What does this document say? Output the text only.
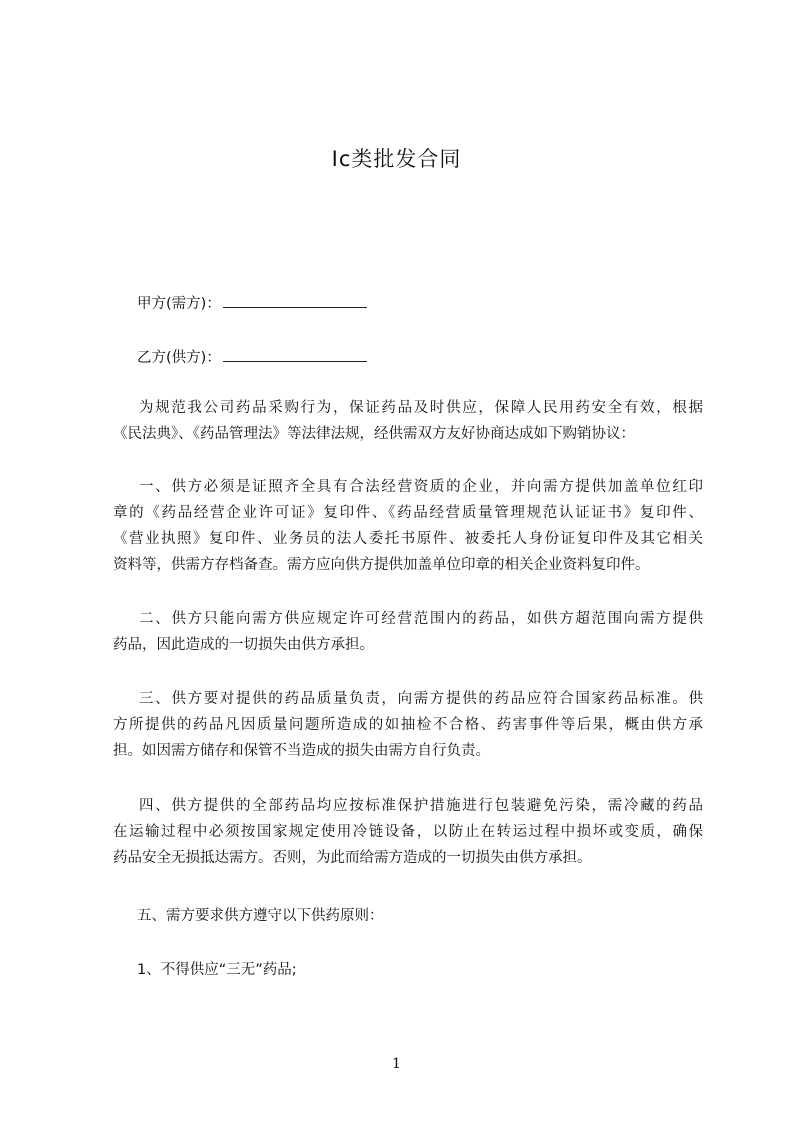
Ic类批发合同
甲方(需方)：
乙方(供方)：
为规范我公司药品采购行为，保证药品及时供应，保障人民用药安全有效，根据
《民法典》、《药品管理法》等法律法规，经供需双方友好协商达成如下购销协议：
一、供方必须是证照齐全具有合法经营资质的企业，并向需方提供加盖单位红印
章的《药品经营企业许可证》复印件、《药品经营质量管理规范认证证书》复印件、
《营业执照》复印件、业务员的法人委托书原件、被委托人身份证复印件及其它相关
资料等，供需方存档备查。需方应向供方提供加盖单位印章的相关企业资料复印件。
二、供方只能向需方供应规定许可经营范围内的药品，如供方超范围向需方提供
药品，因此造成的一切损失由供方承担。
三、供方要对提供的药品质量负责，向需方提供的药品应符合国家药品标准。供
方所提供的药品凡因质量问题所造成的如抽检不合格、药害事件等后果，概由供方承
担。如因需方储存和保管不当造成的损失由需方自行负责。
四、供方提供的全部药品均应按标准保护措施进行包装避免污染，需冷藏的药品
在运输过程中必须按国家规定使用冷链设备，以防止在转运过程中损坏或变质，确保
药品安全无损抵达需方。否则，为此而给需方造成的一切损失由供方承担。
五、需方要求供方遵守以下供药原则：
1、不得供应“三无”药品;
1
